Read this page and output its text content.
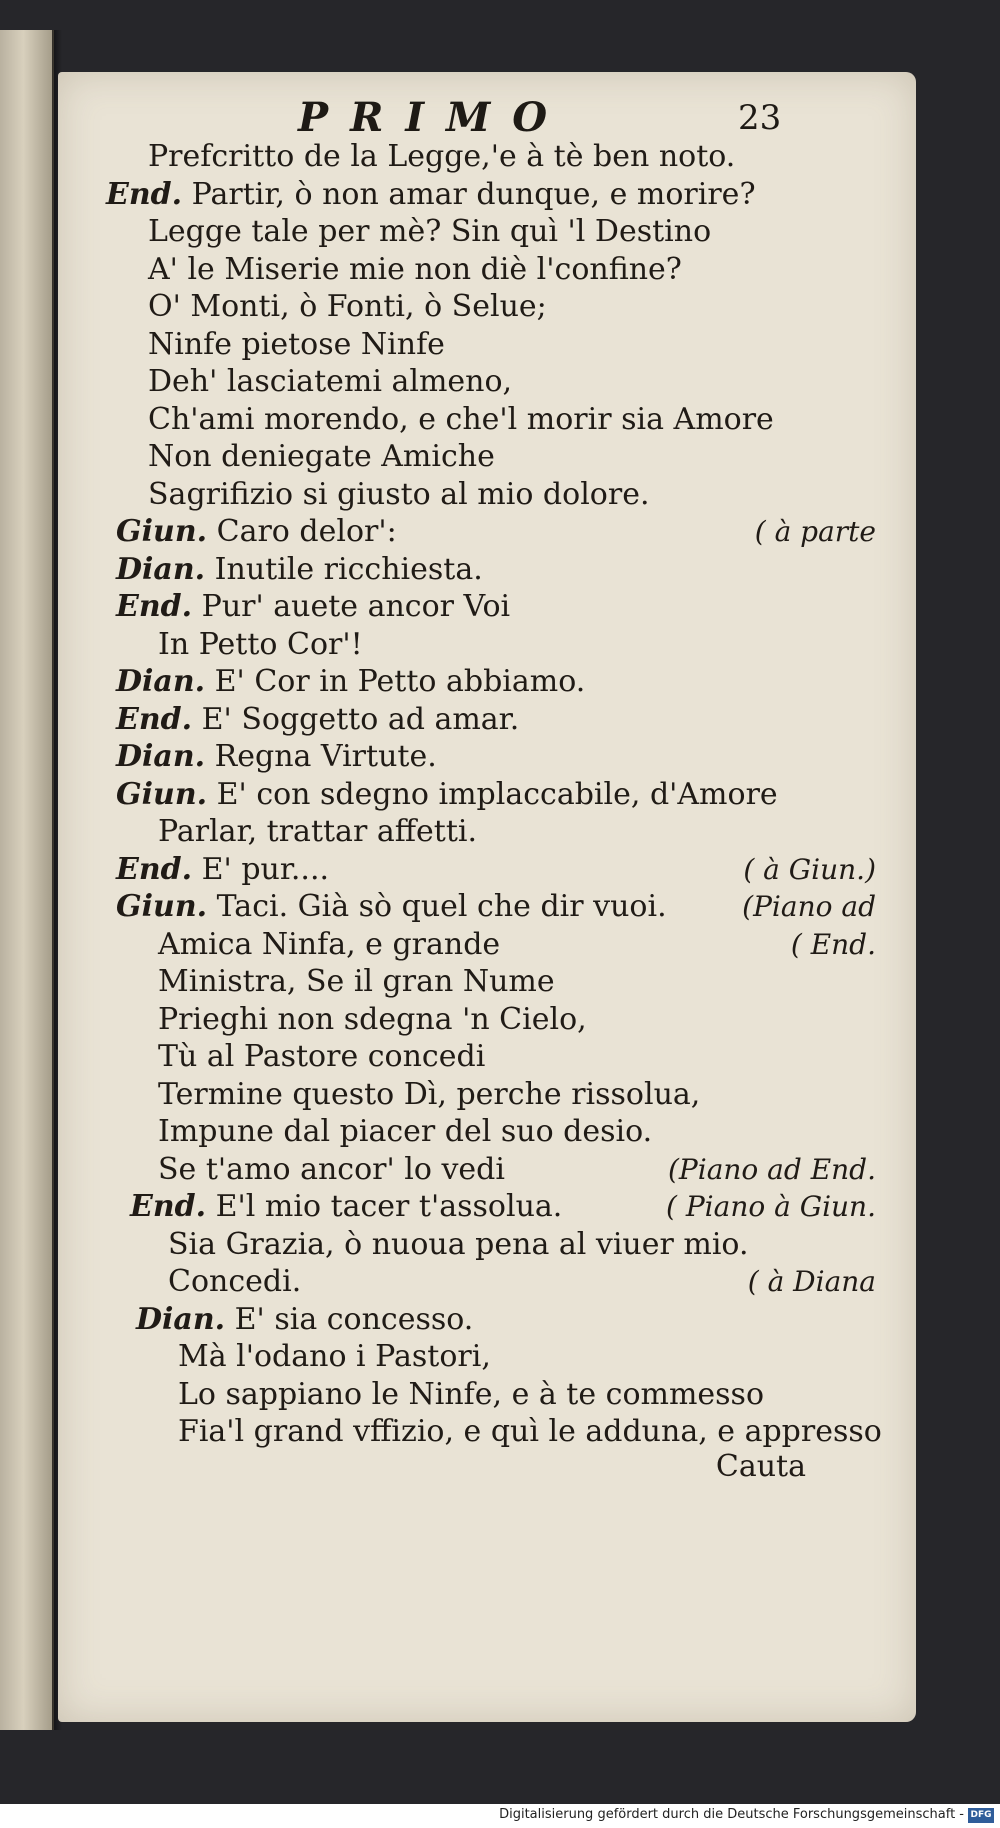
PRIMO	23
Prefcritto de la Legge,'e à tè ben noto.
End. Partir, ò non amar dunque, e morire?
Legge tale per mè? Sin quì 'l Destino
A' le Miserie mie non diè l'confine?
O' Monti, ò Fonti, ò Selue;
Ninfe pietose Ninfe
Deh' lasciatemi almeno,
Ch'ami morendo, e che'l morir sia Amore
Non deniegate Amiche
Sagrifizio si giusto al mio dolore.
Giun. Caro delor':	( à parte
Dian. Inutile ricchiesta.
End. Pur' auete ancor Voi
In Petto Cor'!
Dian. E' Cor in Petto abbiamo.
End. E' Soggetto ad amar.
Dian. Regna Virtute.
Giun. E' con sdegno implaccabile, d'Amore
Parlar, trattar affetti.
End. E' pur....	( à Giun.)
Giun. Taci. Già sò quel che dir vuoi.	(Piano ad
Amica Ninfa, e grande	( End.
Ministra, Se il gran Nume
Prieghi non sdegna 'n Cielo,
Tù al Pastore concedi
Termine questo Dì, perche rissolua,
Impune dal piacer del suo desio.
Se t'amo ancor' lo vedi	(Piano ad End.
End. E'l mio tacer t'assolua.	( Piano à Giun.
Sia Grazia, ò nuoua pena al viuer mio.
Concedi.	( à Diana
Dian. E' sia concesso.
Mà l'odano i Pastori,
Lo sappiano le Ninfe, e à te commesso
Fia'l grand vffizio, e quì le adduna, e appresso
Cauta
Digitalisierung gefördert durch die Deutsche Forschungsgemeinschaft - DFG
